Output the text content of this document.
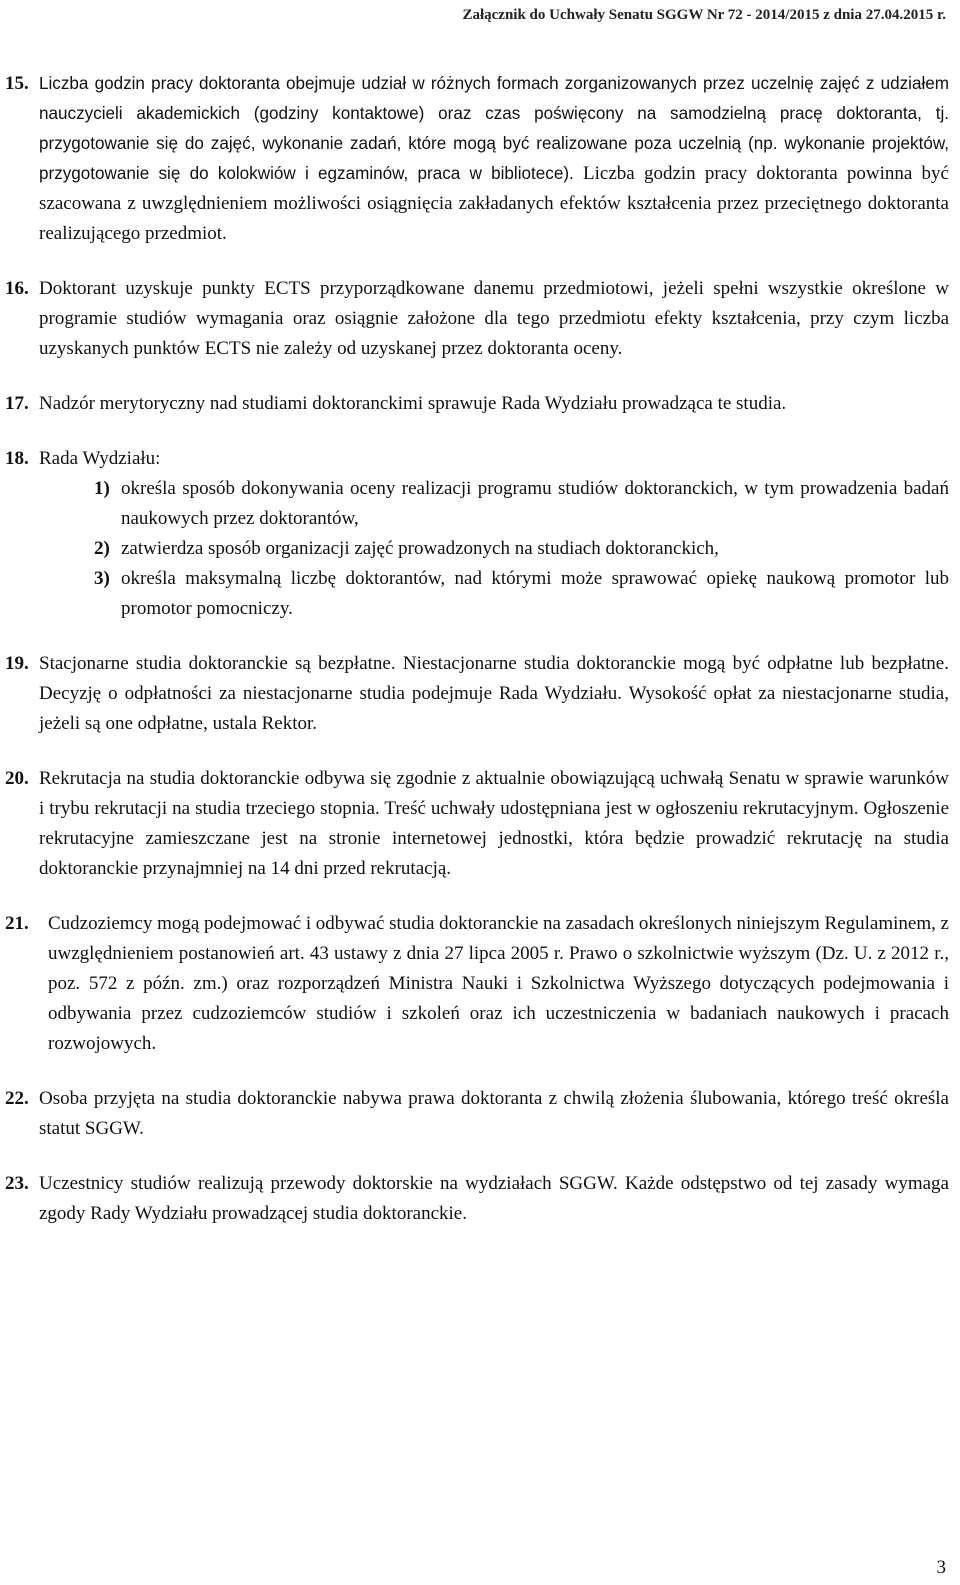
Załącznik do Uchwały Senatu SGGW Nr 72 - 2014/2015 z dnia 27.04.2015 r.
15. Liczba godzin pracy doktoranta obejmuje udział w różnych formach zorganizowanych przez uczelnię zajęć z udziałem nauczycieli akademickich (godziny kontaktowe) oraz czas poświęcony na samodzielną pracę doktoranta, tj. przygotowanie się do zajęć, wykonanie zadań, które mogą być realizowane poza uczelnią (np. wykonanie projektów, przygotowanie się do kolokwiów i egzaminów, praca w bibliotece). Liczba godzin pracy doktoranta powinna być szacowana z uwzględnieniem możliwości osiągnięcia zakładanych efektów kształcenia przez przeciętnego doktoranta realizującego przedmiot.
16. Doktorant uzyskuje punkty ECTS przyporządkowane danemu przedmiotowi, jeżeli spełni wszystkie określone w programie studiów wymagania oraz osiągnie założone dla tego przedmiotu efekty kształcenia, przy czym liczba uzyskanych punktów ECTS nie zależy od uzyskanej przez doktoranta oceny.
17. Nadzór merytoryczny nad studiami doktoranckimi sprawuje Rada Wydziału prowadząca te studia.
18. Rada Wydziału:
1) określa sposób dokonywania oceny realizacji programu studiów doktoranckich, w tym prowadzenia badań naukowych przez doktorantów,
2) zatwierdza sposób organizacji zajęć prowadzonych na studiach doktoranckich,
3) określa maksymalną liczbę doktorantów, nad którymi może sprawować opiekę naukową promotor lub promotor pomocniczy.
19. Stacjonarne studia doktoranckie są bezpłatne. Niestacjonarne studia doktoranckie mogą być odpłatne lub bezpłatne. Decyzję o odpłatności za niestacjonarne studia podejmuje Rada Wydziału. Wysokość opłat za niestacjonarne studia, jeżeli są one odpłatne, ustala Rektor.
20. Rekrutacja na studia doktoranckie odbywa się zgodnie z aktualnie obowiązującą uchwałą Senatu w sprawie warunków i trybu rekrutacji na studia trzeciego stopnia. Treść uchwały udostępniana jest w ogłoszeniu rekrutacyjnym. Ogłoszenie rekrutacyjne zamieszczane jest na stronie internetowej jednostki, która będzie prowadzić rekrutację na studia doktoranckie przynajmniej na 14 dni przed rekrutacją.
21. Cudzoziemcy mogą podejmować i odbywać studia doktoranckie na zasadach określonych niniejszym Regulaminem, z uwzględnieniem postanowień art. 43 ustawy z dnia 27 lipca 2005 r. Prawo o szkolnictwie wyższym (Dz. U. z 2012 r., poz. 572 z późn. zm.) oraz rozporządzeń Ministra Nauki i Szkolnictwa Wyższego dotyczących podejmowania i odbywania przez cudzoziemców studiów i szkoleń oraz ich uczestniczenia w badaniach naukowych i pracach rozwojowych.
22. Osoba przyjęta na studia doktoranckie nabywa prawa doktoranta z chwilą złożenia ślubowania, którego treść określa statut SGGW.
23. Uczestnicy studiów realizują przewody doktorskie na wydziałach SGGW. Każde odstępstwo od tej zasady wymaga zgody Rady Wydziału prowadzącej studia doktoranckie.
3
